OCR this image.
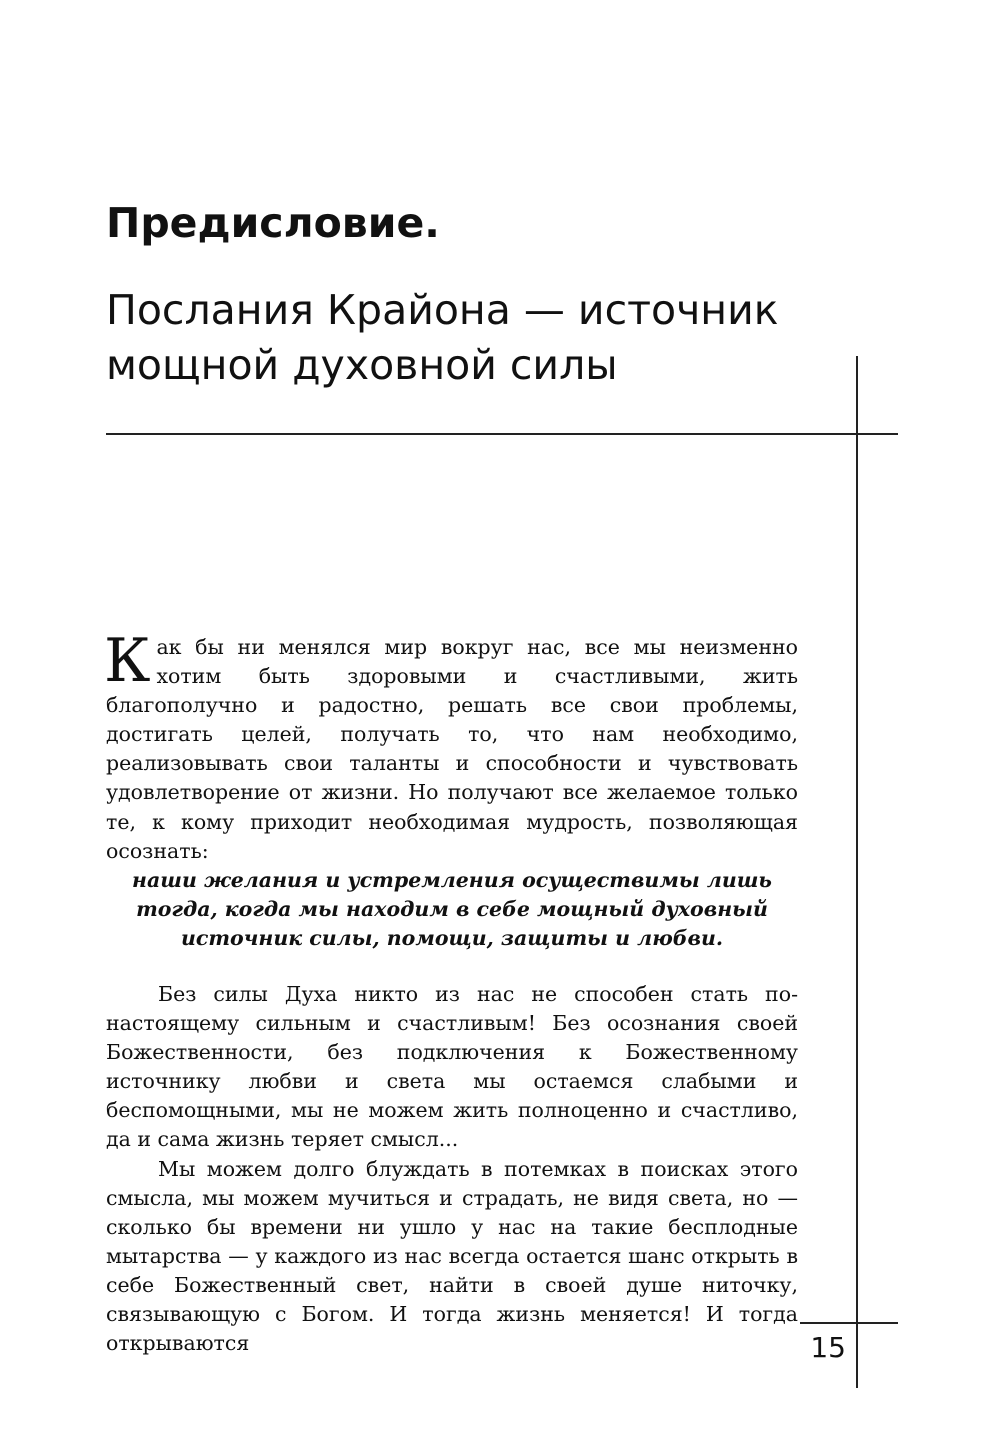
Предисловие.
Послания Крайона — источник
мощной духовной силы

Как бы ни менялся мир вокруг нас, все мы неизменно хотим быть здоровыми и счастливыми, жить благополучно и радостно, решать все свои проблемы, достигать целей, получать то, что нам необходимо, реализовывать свои таланты и способности и чувствовать удовлетворение от жизни. Но получают все желаемое только те, к кому приходит необходимая мудрость, позволяющая осознать:

наши желания и устремления осуществимы лишь
тогда, когда мы находим в себе мощный духовный
источник силы, помощи, защиты и любви.

Без силы Духа никто из нас не способен стать по-настоящему сильным и счастливым! Без осознания своей Божественности, без подключения к Божественному источнику любви и света мы остаемся слабыми и беспомощными, мы не можем жить полноценно и счастливо, да и сама жизнь теряет смысл...

Мы можем долго блуждать в потемках в поисках этого смысла, мы можем мучиться и страдать, не видя света, но — сколько бы времени ни ушло у нас на такие бесплодные мытарства — у каждого из нас всегда остается шанс открыть в себе Божественный свет, найти в своей душе ниточку, связывающую с Богом. И тогда жизнь меняется! И тогда открываются	15
